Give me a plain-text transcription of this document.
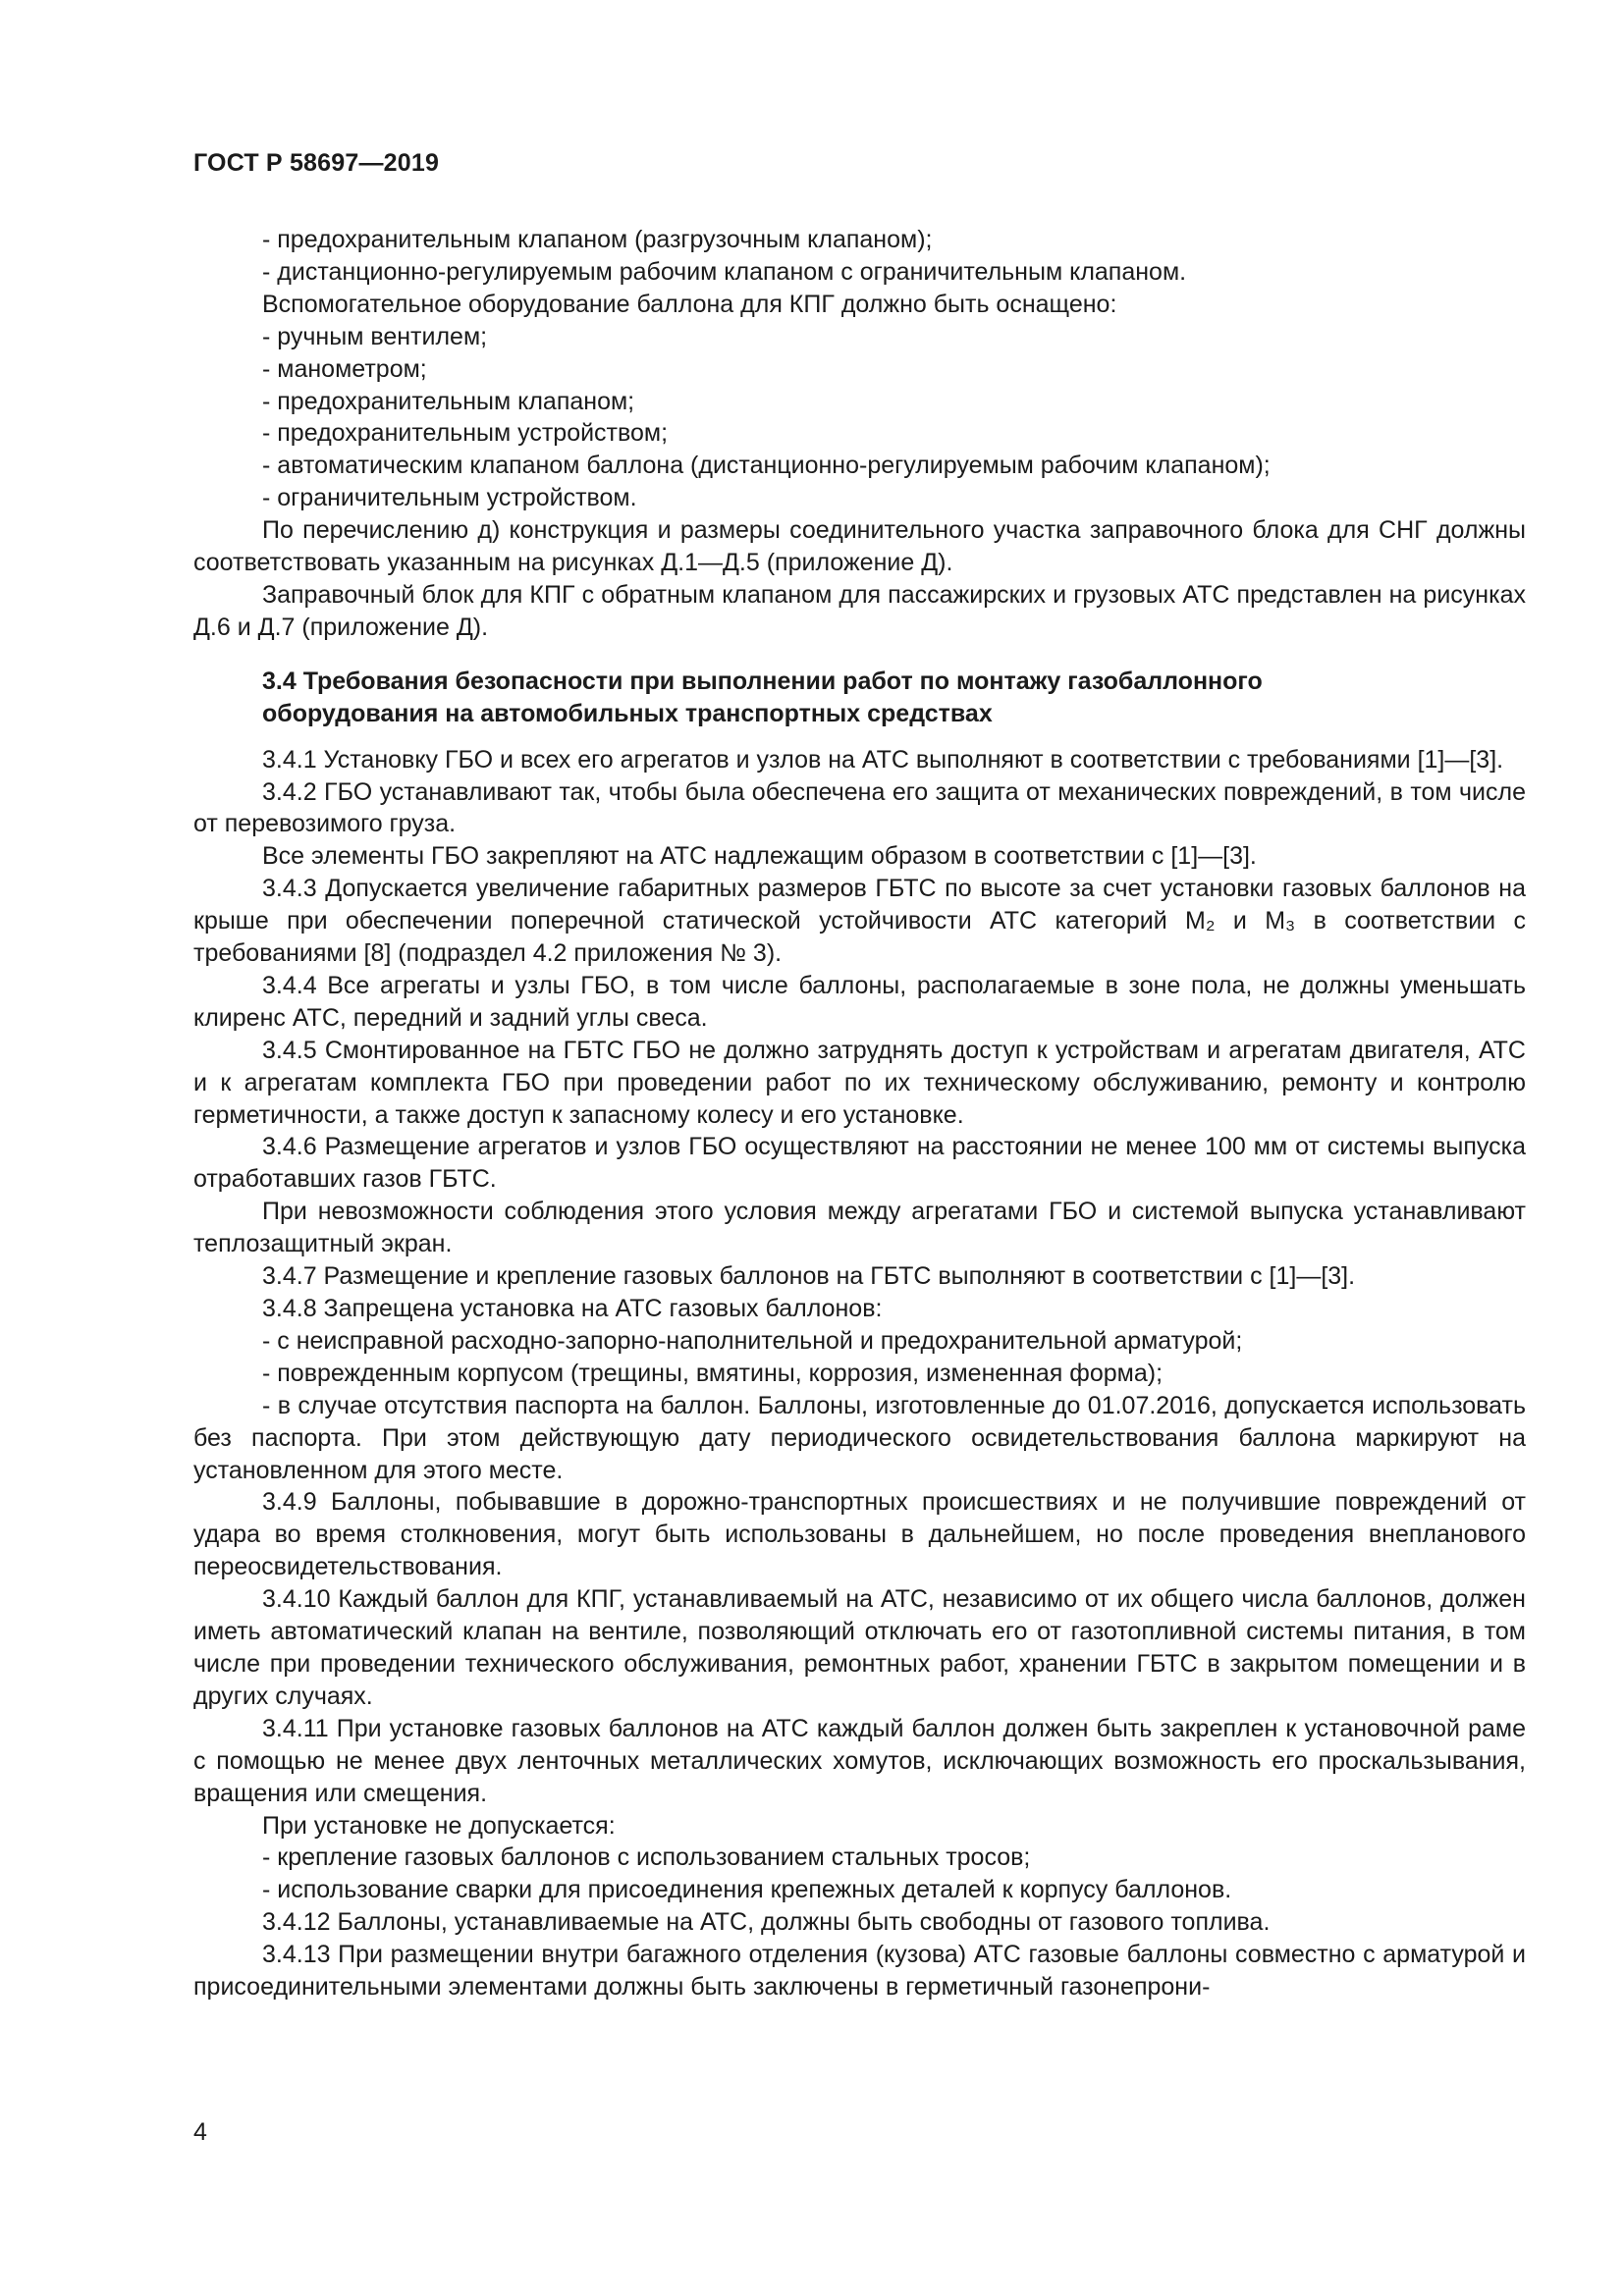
ГОСТ Р 58697—2019

- предохранительным клапаном (разгрузочным клапаном);

- дистанционно-регулируемым рабочим клапаном с ограничительным клапаном.

Вспомогательное оборудование баллона для КПГ должно быть оснащено:

- ручным вентилем;

- манометром;

- предохранительным клапаном;

- предохранительным устройством;

- автоматическим клапаном баллона (дистанционно-регулируемым рабочим клапаном);

- ограничительным устройством.

По перечислению д) конструкция и размеры соединительного участка заправочного блока для СНГ должны соответствовать указанным на рисунках Д.1—Д.5 (приложение Д).

Заправочный блок для КПГ с обратным клапаном для пассажирских и грузовых АТС представлен на рисунках Д.6 и Д.7 (приложение Д).

3.4 Требования безопасности при выполнении работ по монтажу газобаллонного оборудования на автомобильных транспортных средствах

3.4.1 Установку ГБО и всех его агрегатов и узлов на АТС выполняют в соответствии с требованиями [1]—[3].

3.4.2 ГБО устанавливают так, чтобы была обеспечена его защита от механических повреждений, в том числе от перевозимого груза.

Все элементы ГБО закрепляют на АТС надлежащим образом в соответствии с [1]—[3].

3.4.3 Допускается увеличение габаритных размеров ГБТС по высоте за счет установки газовых баллонов на крыше при обеспечении поперечной статической устойчивости АТС категорий M₂ и M₃ в соответствии с требованиями [8] (подраздел 4.2 приложения № 3).

3.4.4 Все агрегаты и узлы ГБО, в том числе баллоны, располагаемые в зоне пола, не должны уменьшать клиренс АТС, передний и задний углы свеса.

3.4.5 Смонтированное на ГБТС ГБО не должно затруднять доступ к устройствам и агрегатам двигателя, АТС и к агрегатам комплекта ГБО при проведении работ по их техническому обслуживанию, ремонту и контролю герметичности, а также доступ к запасному колесу и его установке.

3.4.6 Размещение агрегатов и узлов ГБО осуществляют на расстоянии не менее 100 мм от системы выпуска отработавших газов ГБТС.

При невозможности соблюдения этого условия между агрегатами ГБО и системой выпуска устанавливают теплозащитный экран.

3.4.7 Размещение и крепление газовых баллонов на ГБТС выполняют в соответствии с [1]—[3].

3.4.8 Запрещена установка на АТС газовых баллонов:

- с неисправной расходно-запорно-наполнительной и предохранительной арматурой;

- поврежденным корпусом (трещины, вмятины, коррозия, измененная форма);

- в случае отсутствия паспорта на баллон. Баллоны, изготовленные до 01.07.2016, допускается использовать без паспорта. При этом действующую дату периодического освидетельствования баллона маркируют на установленном для этого месте.

3.4.9 Баллоны, побывавшие в дорожно-транспортных происшествиях и не получившие повреждений от удара во время столкновения, могут быть использованы в дальнейшем, но после проведения внепланового переосвидетельствования.

3.4.10 Каждый баллон для КПГ, устанавливаемый на АТС, независимо от их общего числа баллонов, должен иметь автоматический клапан на вентиле, позволяющий отключать его от газотопливной системы питания, в том числе при проведении технического обслуживания, ремонтных работ, хранении ГБТС в закрытом помещении и в других случаях.

3.4.11 При установке газовых баллонов на АТС каждый баллон должен быть закреплен к установочной раме с помощью не менее двух ленточных металлических хомутов, исключающих возможность его проскальзывания, вращения или смещения.

При установке не допускается:

- крепление газовых баллонов с использованием стальных тросов;

- использование сварки для присоединения крепежных деталей к корпусу баллонов.

3.4.12 Баллоны, устанавливаемые на АТС, должны быть свободны от газового топлива.

3.4.13 При размещении внутри багажного отделения (кузова) АТС газовые баллоны совместно с арматурой и присоединительными элементами должны быть заключены в герметичный газонепрони-

4
